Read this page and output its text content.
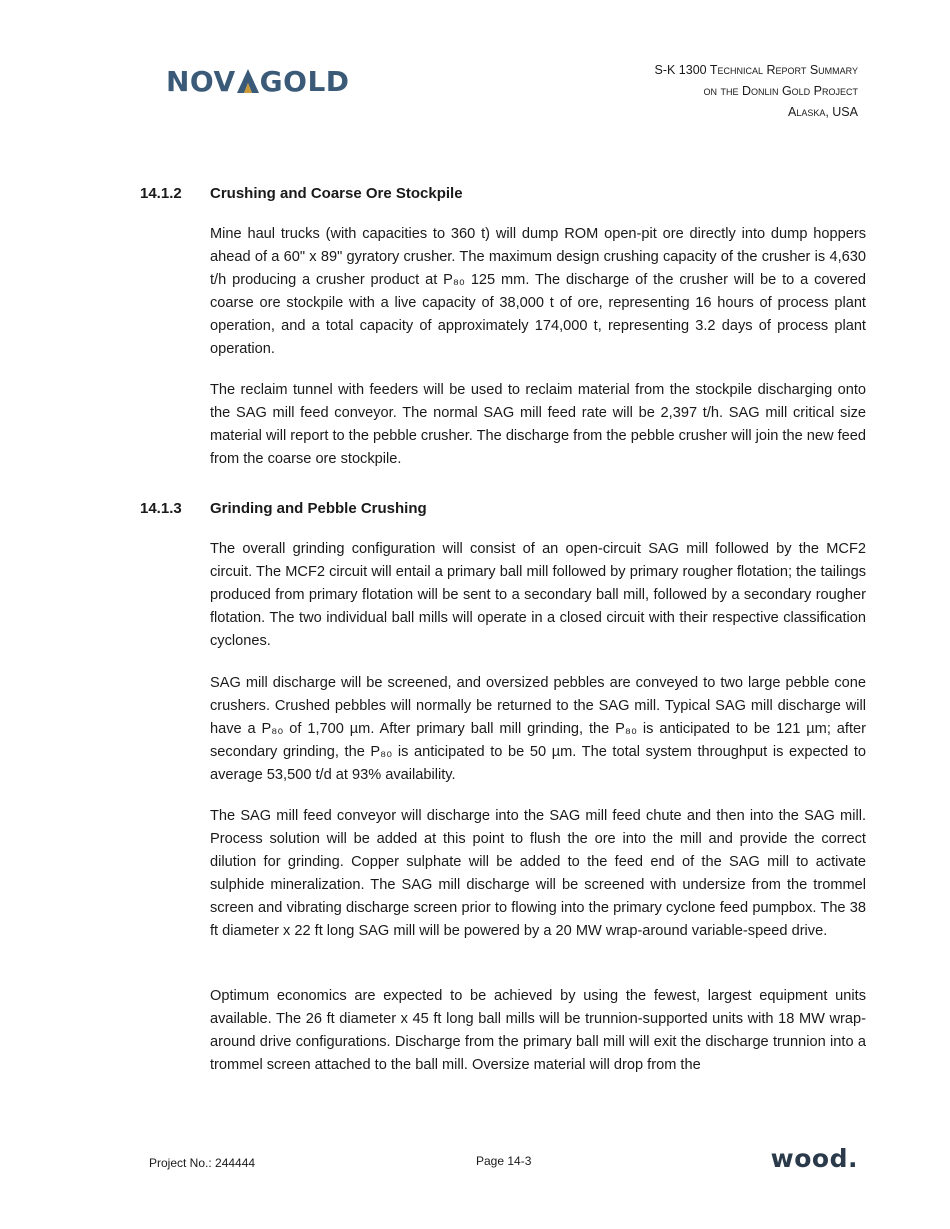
NOV GOLD	S-K 1300 Technical Report Summary
on the Donlin Gold Project
Alaska, USA
14.1.2 Crushing and Coarse Ore Stockpile
Mine haul trucks (with capacities to 360 t) will dump ROM open-pit ore directly into dump hoppers ahead of a 60" x 89" gyratory crusher. The maximum design crushing capacity of the crusher is 4,630 t/h producing a crusher product at P₈₀ 125 mm. The discharge of the crusher will be to a covered coarse ore stockpile with a live capacity of 38,000 t of ore, representing 16 hours of process plant operation, and a total capacity of approximately 174,000 t, representing 3.2 days of process plant operation.
The reclaim tunnel with feeders will be used to reclaim material from the stockpile discharging onto the SAG mill feed conveyor. The normal SAG mill feed rate will be 2,397 t/h. SAG mill critical size material will report to the pebble crusher. The discharge from the pebble crusher will join the new feed from the coarse ore stockpile.
14.1.3 Grinding and Pebble Crushing
The overall grinding configuration will consist of an open-circuit SAG mill followed by the MCF2 circuit. The MCF2 circuit will entail a primary ball mill followed by primary rougher flotation; the tailings produced from primary flotation will be sent to a secondary ball mill, followed by a secondary rougher flotation. The two individual ball mills will operate in a closed circuit with their respective classification cyclones.
SAG mill discharge will be screened, and oversized pebbles are conveyed to two large pebble cone crushers. Crushed pebbles will normally be returned to the SAG mill. Typical SAG mill discharge will have a P₈₀ of 1,700 µm. After primary ball mill grinding, the P₈₀ is anticipated to be 121 µm; after secondary grinding, the P₈₀ is anticipated to be 50 µm. The total system throughput is expected to average 53,500 t/d at 93% availability.
The SAG mill feed conveyor will discharge into the SAG mill feed chute and then into the SAG mill. Process solution will be added at this point to flush the ore into the mill and provide the correct dilution for grinding. Copper sulphate will be added to the feed end of the SAG mill to activate sulphide mineralization. The SAG mill discharge will be screened with undersize from the trommel screen and vibrating discharge screen prior to flowing into the primary cyclone feed pumpbox. The 38 ft diameter x 22 ft long SAG mill will be powered by a 20 MW wrap-around variable-speed drive.
Optimum economics are expected to be achieved by using the fewest, largest equipment units available. The 26 ft diameter x 45 ft long ball mills will be trunnion-supported units with 18 MW wrap-around drive configurations. Discharge from the primary ball mill will exit the discharge trunnion into a trommel screen attached to the ball mill. Oversize material will drop from the
Project No.: 244444	Page 14-3	wood.
